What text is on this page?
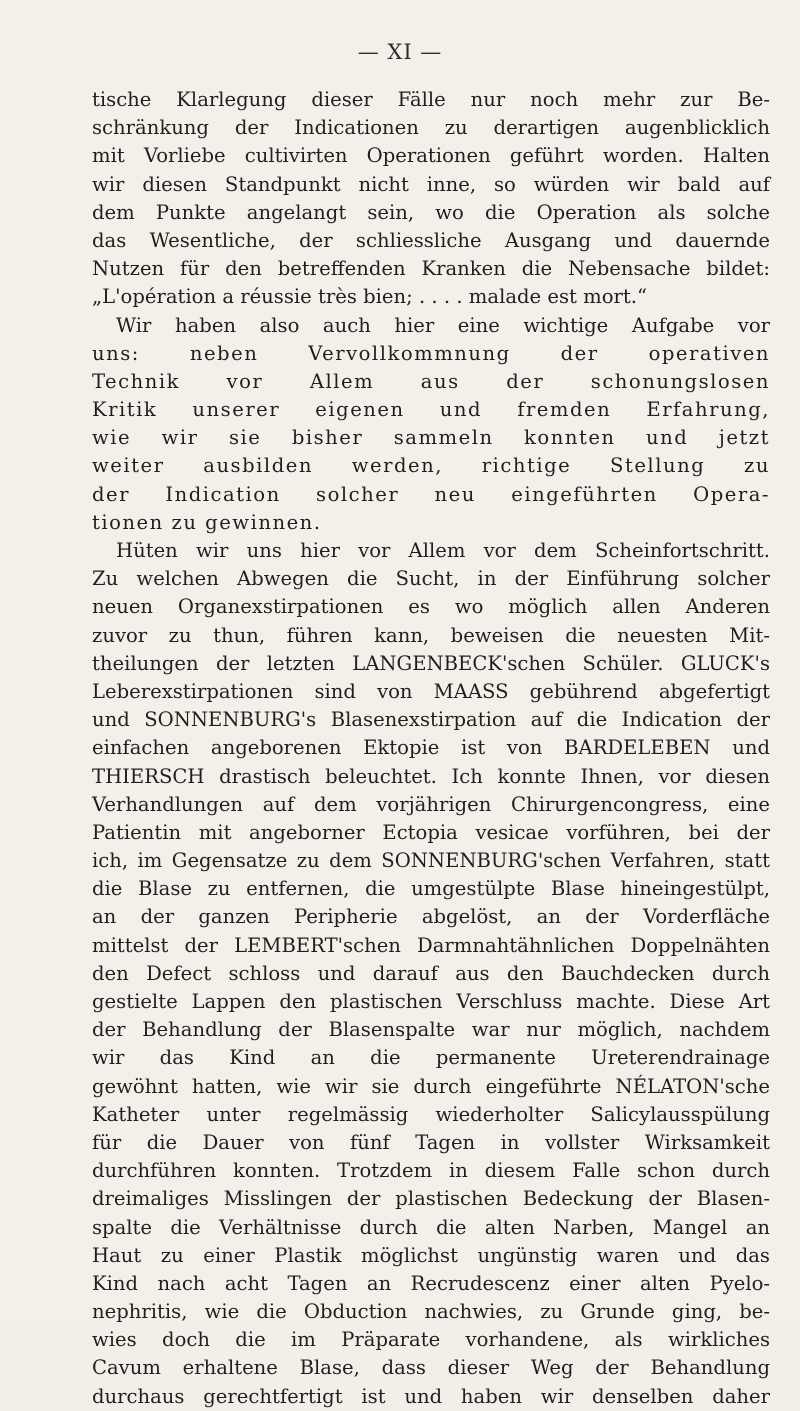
— XI —
tische Klarlegung dieser Fälle nur noch mehr zur Be-
schränkung der Indicationen zu derartigen augenblicklich
mit Vorliebe cultivirten Operationen geführt worden. Halten
wir diesen Standpunkt nicht inne, so würden wir bald auf
dem Punkte angelangt sein, wo die Operation als solche
das Wesentliche, der schliessliche Ausgang und dauernde
Nutzen für den betreffenden Kranken die Nebensache bildet:
„L'opération a réussie très bien; . . . . malade est mort.“
Wir haben also auch hier eine wichtige Aufgabe vor
uns: neben Vervollkommnung der operativen
Technik vor Allem aus der schonungslosen
Kritik unserer eigenen und fremden Erfahrung,
wie wir sie bisher sammeln konnten und jetzt
weiter ausbilden werden, richtige Stellung zu
der Indication solcher neu eingeführten Opera-
tionen zu gewinnen.
Hüten wir uns hier vor Allem vor dem Scheinfortschritt.
Zu welchen Abwegen die Sucht, in der Einführung solcher
neuen Organexstirpationen es wo möglich allen Anderen
zuvor zu thun, führen kann, beweisen die neuesten Mit-
theilungen der letzten LANGENBECK'schen Schüler. GLUCK's
Leberexstirpationen sind von MAASS gebührend abgefertigt
und SONNENBURG's Blasenexstirpation auf die Indication der
einfachen angeborenen Ektopie ist von BARDELEBEN und
THIERSCH drastisch beleuchtet. Ich konnte Ihnen, vor diesen
Verhandlungen auf dem vorjährigen Chirurgencongress, eine
Patientin mit angeborner Ectopia vesicae vorführen, bei der
ich, im Gegensatze zu dem SONNENBURG'schen Verfahren, statt
die Blase zu entfernen, die umgestülpte Blase hineingestülpt,
an der ganzen Peripherie abgelöst, an der Vorderfläche
mittelst der LEMBERT'schen Darmnahtähnlichen Doppelnähten
den Defect schloss und darauf aus den Bauchdecken durch
gestielte Lappen den plastischen Verschluss machte. Diese Art
der Behandlung der Blasenspalte war nur möglich, nachdem
wir das Kind an die permanente Ureterendrainage
gewöhnt hatten, wie wir sie durch eingeführte NÉLATON'sche
Katheter unter regelmässig wiederholter Salicylausspülung
für die Dauer von fünf Tagen in vollster Wirksamkeit
durchführen konnten. Trotzdem in diesem Falle schon durch
dreimaliges Misslingen der plastischen Bedeckung der Blasen-
spalte die Verhältnisse durch die alten Narben, Mangel an
Haut zu einer Plastik möglichst ungünstig waren und das
Kind nach acht Tagen an Recrudescenz einer alten Pyelo-
nephritis, wie die Obduction nachwies, zu Grunde ging, be-
wies doch die im Präparate vorhandene, als wirkliches
Cavum erhaltene Blase, dass dieser Weg der Behandlung
durchaus gerechtfertigt ist und haben wir denselben daher
